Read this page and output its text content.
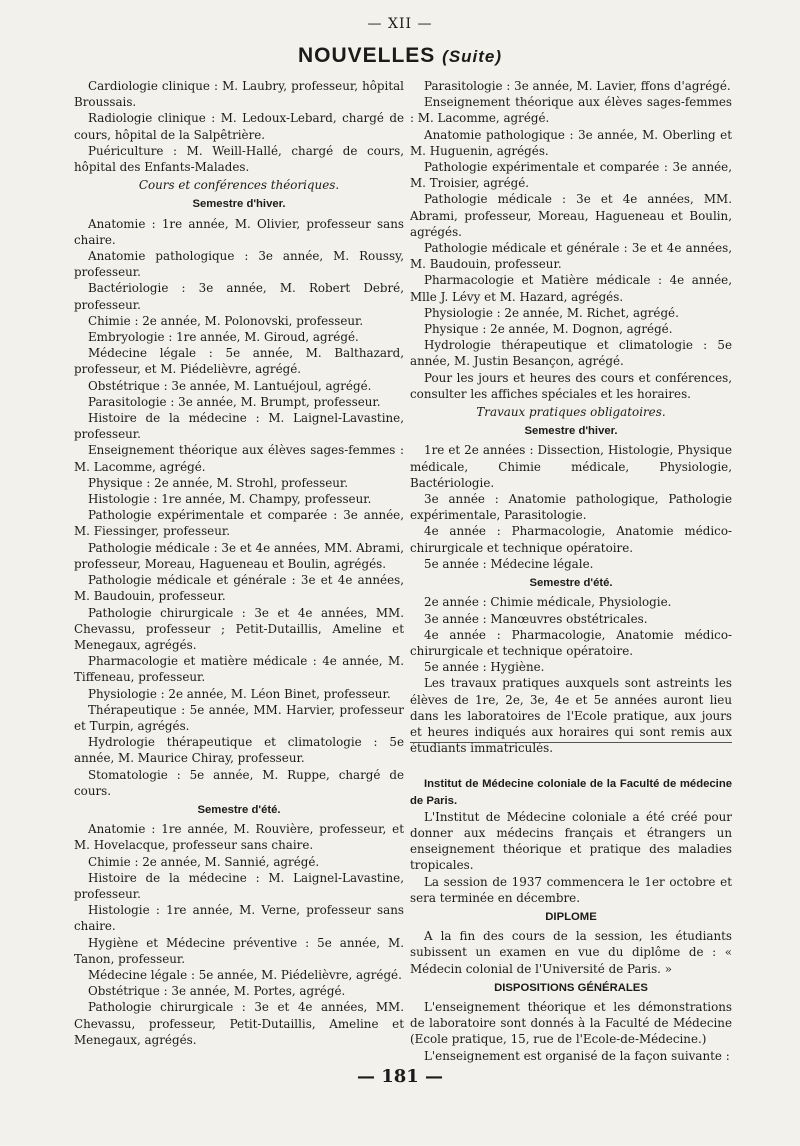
— XII —
NOUVELLES (Suite)

Cardiologie clinique : M. Laubry, professeur, hôpital Broussais.

Radiologie clinique : M. Ledoux-Lebard, chargé de cours, hôpital de la Salpêtrière.

Puériculture : M. Weill-Hallé, chargé de cours, hôpital des Enfants-Malades.

Cours et conférences théoriques.

Semestre d'hiver.

Anatomie : 1re année, M. Olivier, professeur sans chaire.

Anatomie pathologique : 3e année, M. Roussy, professeur.

Bactériologie : 3e année, M. Robert Debré, professeur.

Chimie : 2e année, M. Polonovski, professeur.

Embryologie : 1re année, M. Giroud, agrégé.

Médecine légale : 5e année, M. Balthazard, professeur, et M. Piédelièvre, agrégé.

Obstétrique : 3e année, M. Lantuéjoul, agrégé.

Parasitologie : 3e année, M. Brumpt, professeur.

Histoire de la médecine : M. Laignel-Lavastine, professeur.

Enseignement théorique aux élèves sages-femmes : M. Lacomme, agrégé.

Physique : 2e année, M. Strohl, professeur.

Histologie : 1re année, M. Champy, professeur.

Pathologie expérimentale et comparée : 3e année, M. Fiessinger, professeur.

Pathologie médicale : 3e et 4e années, MM. Abrami, professeur, Moreau, Hagueneau et Boulin, agrégés.

Pathologie médicale et générale : 3e et 4e années, M. Baudouin, professeur.

Pathologie chirurgicale : 3e et 4e années, MM. Chevassu, professeur ; Petit-Dutaillis, Ameline et Menegaux, agrégés.

Pharmacologie et matière médicale : 4e année, M. Tiffeneau, professeur.

Physiologie : 2e année, M. Léon Binet, professeur.

Thérapeutique : 5e année, MM. Harvier, professeur et Turpin, agrégés.

Hydrologie thérapeutique et climatologie : 5e année, M. Maurice Chiray, professeur.

Stomatologie : 5e année, M. Ruppe, chargé de cours.

Semestre d'été.

Anatomie : 1re année, M. Rouvière, professeur, et M. Hovelacque, professeur sans chaire.

Chimie : 2e année, M. Sannié, agrégé.

Histoire de la médecine : M. Laignel-Lavastine, professeur.

Histologie : 1re année, M. Verne, professeur sans chaire.

Hygiène et Médecine préventive : 5e année, M. Tanon, professeur.

Médecine légale : 5e année, M. Piédelièvre, agrégé.

Obstétrique : 3e année, M. Portes, agrégé.

Pathologie chirurgicale : 3e et 4e années, MM. Chevassu, professeur, Petit-Dutaillis, Ameline et Menegaux, agrégés.

Parasitologie : 3e année, M. Lavier, ffons d'agrégé.

Enseignement théorique aux élèves sages-femmes : M. Lacomme, agrégé.

Anatomie pathologique : 3e année, M. Oberling et M. Huguenin, agrégés.

Pathologie expérimentale et comparée : 3e année, M. Troisier, agrégé.

Pathologie médicale : 3e et 4e années, MM. Abrami, professeur, Moreau, Hagueneau et Boulin, agrégés.

Pathologie médicale et générale : 3e et 4e années, M. Baudouin, professeur.

Pharmacologie et Matière médicale : 4e année, Mlle J. Lévy et M. Hazard, agrégés.

Physiologie : 2e année, M. Richet, agrégé.

Physique : 2e année, M. Dognon, agrégé.

Hydrologie thérapeutique et climatologie : 5e année, M. Justin Besançon, agrégé.

Pour les jours et heures des cours et conférences, consulter les affiches spéciales et les horaires.

Travaux pratiques obligatoires.

Semestre d'hiver.

1re et 2e années : Dissection, Histologie, Physique médicale, Chimie médicale, Physiologie, Bactériologie.

3e année : Anatomie pathologique, Pathologie expérimentale, Parasitologie.

4e année : Pharmacologie, Anatomie médico-chirurgicale et technique opératoire.

5e année : Médecine légale.

Semestre d'été.

2e année : Chimie médicale, Physiologie.

3e année : Manœuvres obstétricales.

4e année : Pharmacologie, Anatomie médico-chirurgicale et technique opératoire.

5e année : Hygiène.

Les travaux pratiques auxquels sont astreints les élèves de 1re, 2e, 3e, 4e et 5e années auront lieu dans les laboratoires de l'Ecole pratique, aux jours et heures indiqués aux horaires qui sont remis aux étudiants immatriculés.

Institut de Médecine coloniale de la Faculté de médecine de Paris.

L'Institut de Médecine coloniale a été créé pour donner aux médecins français et étrangers un enseignement théorique et pratique des maladies tropicales.

La session de 1937 commencera le 1er octobre et sera terminée en décembre.

DIPLOME

A la fin des cours de la session, les étudiants subissent un examen en vue du diplôme de : « Médecin colonial de l'Université de Paris. »

DISPOSITIONS GÉNÉRALES

L'enseignement théorique et les démonstrations de laboratoire sont donnés à la Faculté de Médecine (Ecole pratique, 15, rue de l'Ecole-de-Médecine.)

L'enseignement est organisé de la façon suivante :

— 181 —
